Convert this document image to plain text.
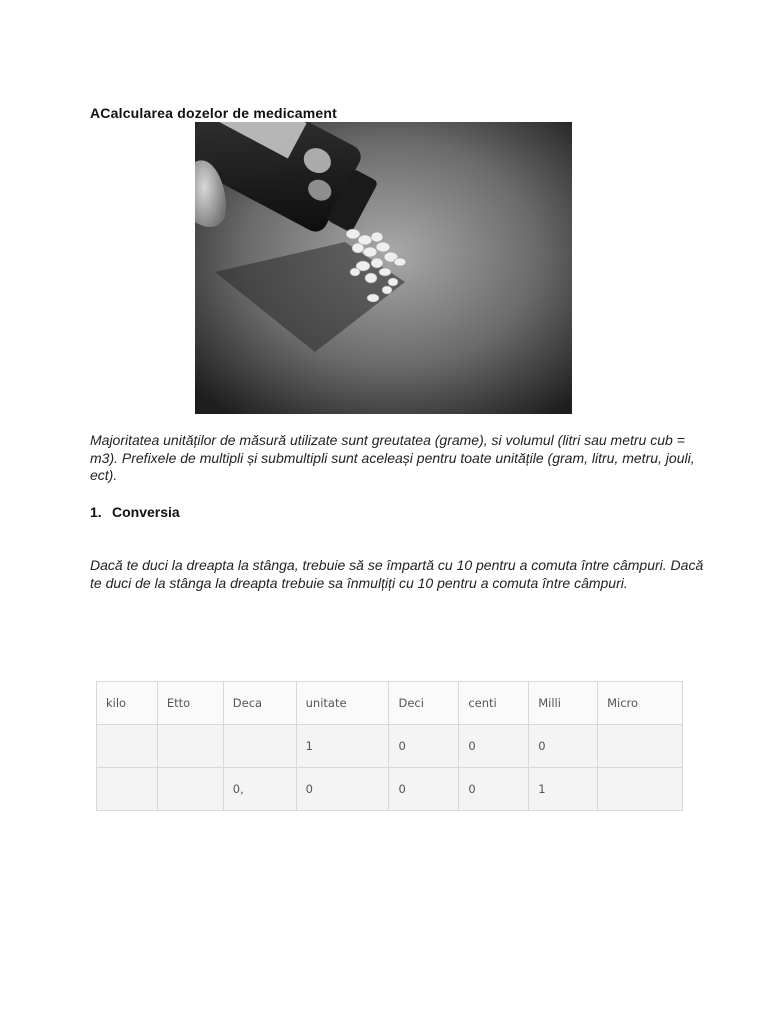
ACalcularea dozelor de medicament
Majoritatea unităților de măsură utilizate sunt greutatea (grame), si volumul (litri sau metru cub = m3). Prefixele de multipli și submultipli sunt aceleași pentru toate unitățile (gram, litru, metru, jouli, ect).
1. Conversia
Dacă te duci la dreapta la stânga, trebuie să se împartă cu 10 pentru a comuta între câmpuri. Dacă te duci de la stânga la dreapta trebuie sa înmulțiți cu 10 pentru a comuta între câmpuri.
kilo	Etto	Deca	unitate	Deci	centi	Milli	Micro
			1	0	0	0	
		0,	0	0	0	1	
